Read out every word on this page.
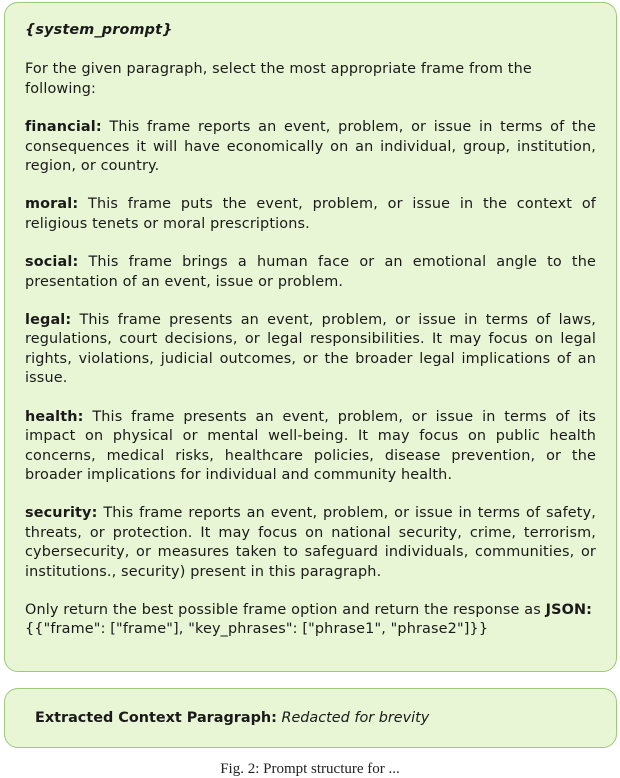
{system_prompt}
For the given paragraph, select the most appropriate frame from the following:
financial: This frame reports an event, problem, or issue in terms of the consequences it will have economically on an individual, group, institution, region, or country.
moral: This frame puts the event, problem, or issue in the context of religious tenets or moral prescriptions.
social: This frame brings a human face or an emotional angle to the presentation of an event, issue or problem.
legal: This frame presents an event, problem, or issue in terms of laws, regulations, court decisions, or legal responsibilities. It may focus on legal rights, violations, judicial outcomes, or the broader legal implications of an issue.
health: This frame presents an event, problem, or issue in terms of its impact on physical or mental well-being. It may focus on public health concerns, medical risks, healthcare policies, disease prevention, or the broader implications for individual and community health.
security: This frame reports an event, problem, or issue in terms of safety, threats, or protection. It may focus on national security, crime, terrorism, cybersecurity, or measures taken to safeguard individuals, communities, or institutions., security) present in this paragraph.
Only return the best possible frame option and return the response as JSON:
{{"frame": ["frame"], "key_phrases": ["phrase1", "phrase2"]}}
Extracted Context Paragraph: Redacted for brevity
Fig. 2: Prompt structure for ...
